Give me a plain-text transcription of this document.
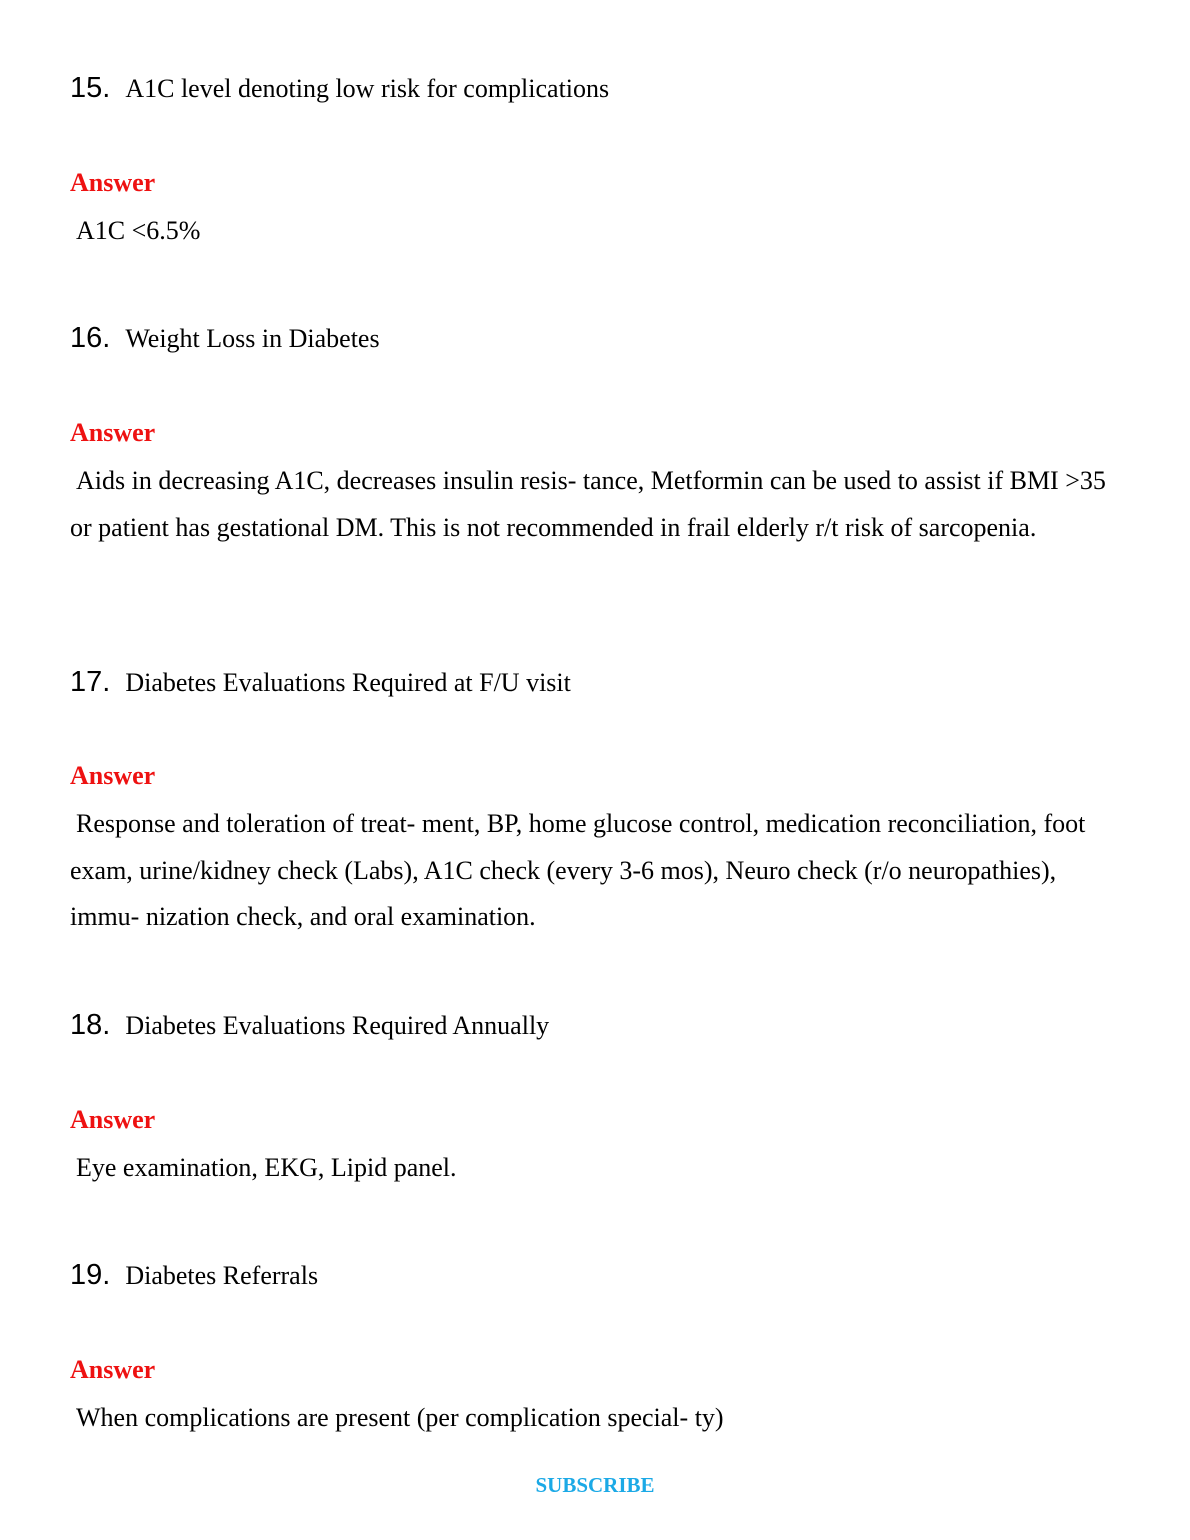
15. A1C level denoting low risk for complications
Answer
A1C <6.5%
16. Weight Loss in Diabetes
Answer
Aids in decreasing A1C, decreases insulin resis- tance, Metformin can be used to assist if BMI >35 or patient has gestational DM. This is not recommended in frail elderly r/t risk of sarcopenia.
17. Diabetes Evaluations Required at F/U visit
Answer
Response and toleration of treat- ment, BP, home glucose control, medication reconciliation, foot exam, urine/kidney check (Labs), A1C check (every 3-6 mos), Neuro check (r/o neuropathies), immu- nization check, and oral examination.
18. Diabetes Evaluations Required Annually
Answer
Eye examination, EKG, Lipid panel.
19. Diabetes Referrals
Answer
When complications are present (per complication special- ty)
SUBSCRIBE
